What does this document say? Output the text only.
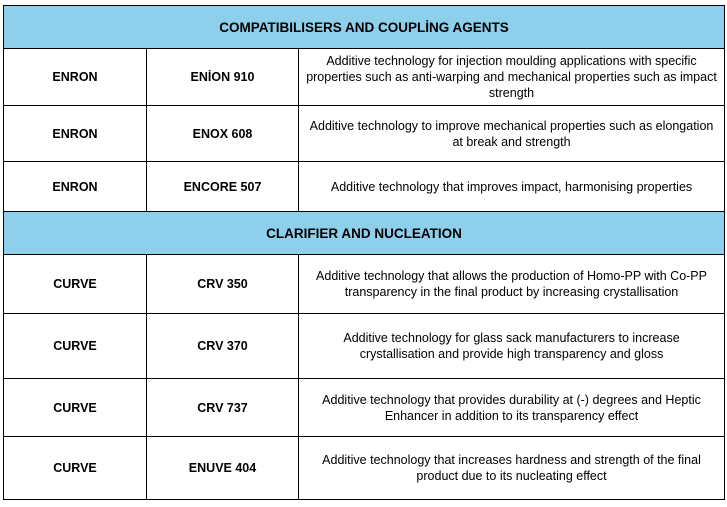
COMPATIBILISERS AND COUPLİNG AGENTS		
ENRON	ENİON 910	Additive technology for injection moulding applications with specific properties such as anti-warping and mechanical properties such as impact strength
ENRON	ENOX 608	Additive technology to improve mechanical properties such as elongation at break and strength
ENRON	ENCORE 507	Additive technology that improves impact, harmonising properties
CLARIFIER AND NUCLEATION		
CURVE	CRV 350	Additive technology that allows the production of Homo-PP with Co-PP transparency in the final product by increasing crystallisation
CURVE	CRV 370	Additive technology for glass sack manufacturers to increase crystallisation and provide high transparency and gloss
CURVE	CRV 737	Additive technology that provides durability at (-) degrees and Heptic Enhancer in addition to its transparency effect
CURVE	ENUVE 404	Additive technology that increases hardness and strength of the final product due to its nucleating effect
